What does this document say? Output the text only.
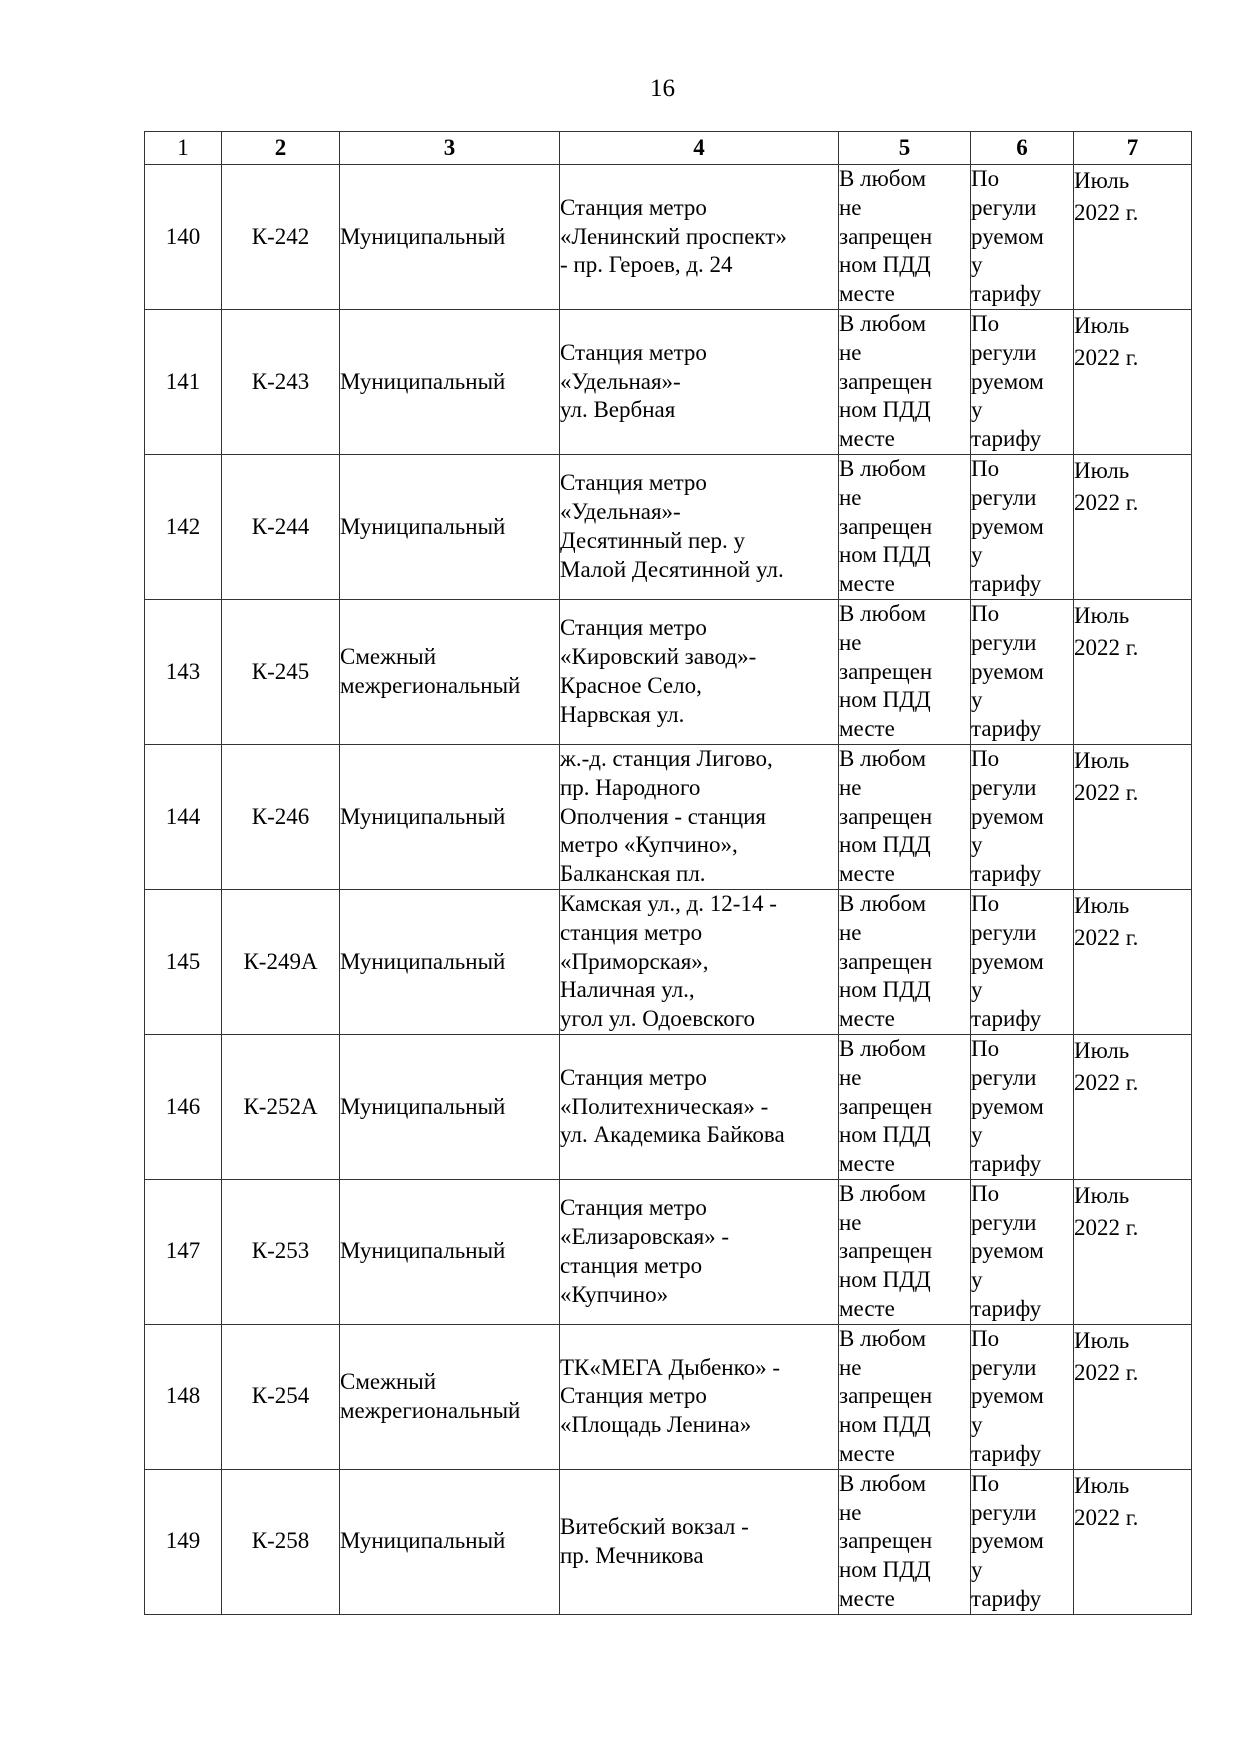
16
1	2	3	4	5	6	7
140	К-242	Муниципальный	Станция метро
«Ленинский проспект»
- пр. Героев, д. 24	В любом
не
запрещен
ном ПДД
месте	По
регули
руемом
у
тарифу	Июль
2022 г.

141	К-243	Муниципальный	Станция метро
«Удельная»-
ул. Вербная	В любом
не
запрещен
ном ПДД
месте	По
регули
руемом
у
тарифу	Июль
2022 г.

142	К-244	Муниципальный	Станция метро
«Удельная»-
Десятинный пер. у
Малой Десятинной ул.	В любом
не
запрещен
ном ПДД
месте	По
регули
руемом
у
тарифу	Июль
2022 г.

143	К-245	Смежный
межрегиональный	Станция метро
«Кировский завод»-
Красное Село,
Нарвская ул.	В любом
не
запрещен
ном ПДД
месте	По
регули
руемом
у
тарифу	Июль
2022 г.

144	К-246	Муниципальный	ж.-д. станция Лигово,
пр. Народного
Ополчения - станция
метро «Купчино»,
Балканская пл.	В любом
не
запрещен
ном ПДД
месте	По
регули
руемом
у
тарифу	Июль
2022 г.

145	К-249А	Муниципальный	Камская ул., д. 12-14 -
станция метро
«Приморская»,
Наличная ул.,
угол ул. Одоевского	В любом
не
запрещен
ном ПДД
месте	По
регули
руемом
у
тарифу	Июль
2022 г.

146	К-252А	Муниципальный	Станция метро
«Политехническая» -
ул. Академика Байкова	В любом
не
запрещен
ном ПДД
месте	По
регули
руемом
у
тарифу	Июль
2022 г.

147	К-253	Муниципальный	Станция метро
«Елизаровская» -
станция метро
«Купчино»	В любом
не
запрещен
ном ПДД
месте	По
регули
руемом
у
тарифу	Июль
2022 г.

148	К-254	Смежный
межрегиональный	ТК«МЕГА Дыбенко» -
Станция метро
«Площадь Ленина»	В любом
не
запрещен
ном ПДД
месте	По
регули
руемом
у
тарифу	Июль
2022 г.

149	К-258	Муниципальный	Витебский вокзал -
пр. Мечникова	В любом
не
запрещен
ном ПДД
месте	По
регули
руемом
у
тарифу	Июль
2022 г.
